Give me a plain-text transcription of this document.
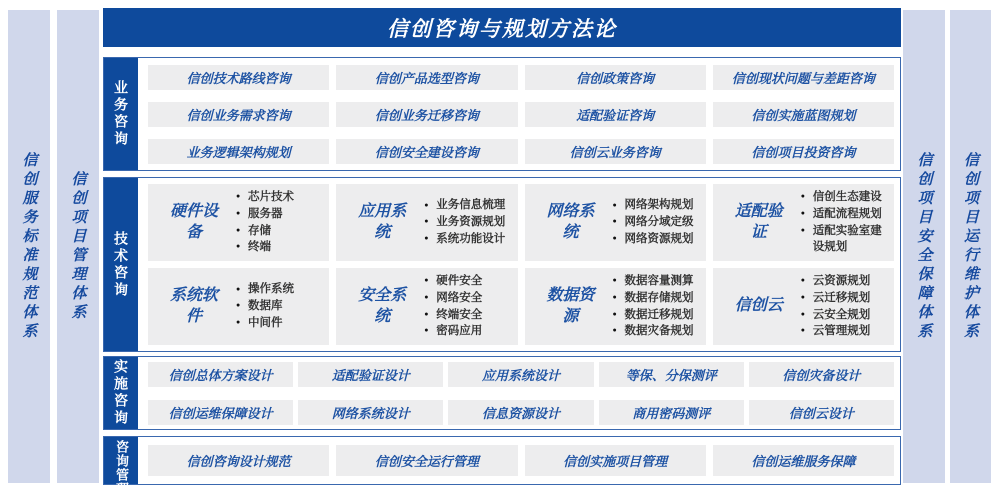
信创服务标准规范体系 信创项目管理体系	信创项目安全保障体系 信创项目运行维护体系
信创咨询与规划方法论
业务咨询
信创技术路线咨询	信创产品选型咨询	信创政策咨询	信创现状问题与差距咨询
信创业务需求咨询	信创业务迁移咨询	适配验证咨询	信创实施蓝图规划
业务逻辑架构规划	信创安全建设咨询	信创云业务咨询	信创项目投资咨询
技术咨询
硬件设备
● 芯片技术
● 服务器
● 存储
● 终端
应用系统
● 业务信息梳理
● 业务资源规划
● 系统功能设计
网络系统
● 网络架构规划
● 网络分域定级
● 网络资源规划
适配验证
● 信创生态建设
● 适配流程规划
● 适配实验室建设规划
系统软件
● 操作系统
● 数据库
● 中间件
安全系统
● 硬件安全
● 网络安全
● 终端安全
● 密码应用
数据资源
● 数据容量测算
● 数据存储规划
● 数据迁移规划
● 数据灾备规划
信创云
● 云资源规划
● 云迁移规划
● 云安全规划
● 云管理规划
实施咨询	信创总体方案设计	适配验证设计	应用系统设计	等保、分保测评	信创灾备设计
信创运维保障设计	网络系统设计	信息资源设计	商用密码测评	信创云设计
咨询管理	信创咨询设计规范	信创安全运行管理	信创实施项目管理	信创运维服务保障
